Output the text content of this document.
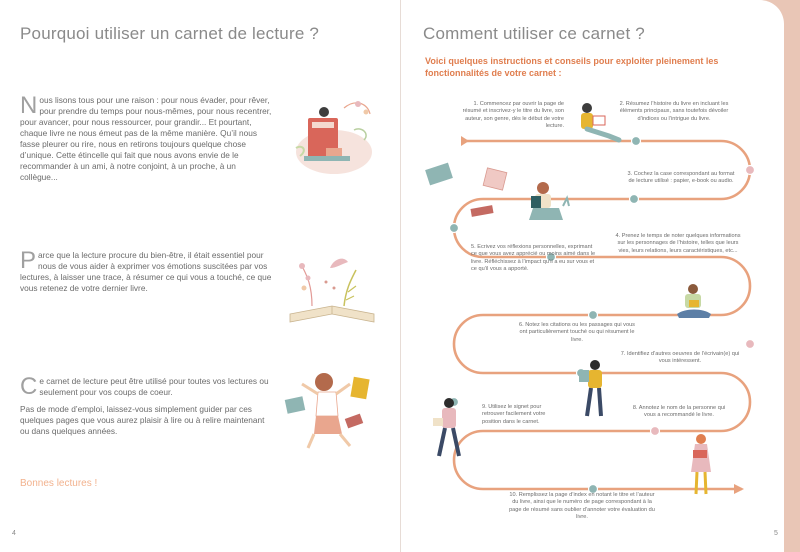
Pourquoi utiliser un carnet de lecture ?

Nous lisons tous pour une raison : pour nous évader, pour rêver, pour prendre du temps pour nous-mêmes, pour nous recentrer, pour avancer, pour nous ressourcer, pour grandir... Et pourtant, chaque livre ne nous émeut pas de la même manière. Qu’il nous fasse pleurer ou rire, nous en retirons toujours quelque chose d’unique. Cette étincelle qui fait que nous avons envie de le recommander à un ami, à notre conjoint, à un proche, à un collègue...

Parce que la lecture procure du bien-être, il était essentiel pour nous de vous aider à exprimer vos émotions suscitées par vos lectures, à laisser une trace, à résumer ce qui vous a touché, ce que vous retenez de votre dernier livre.

Ce carnet de lecture peut être utilisé pour toutes vos lectures ou seulement pour vos coups de coeur.

Pas de mode d’emploi, laissez-vous simplement guider par ces quelques pages que vous aurez plaisir à lire ou à relire maintenant ou dans quelques années.

Bonnes lectures !

4
Comment utiliser ce carnet ?

Voici quelques instructions et conseils pour exploiter pleinement les fonctionnalités de votre carnet :

1. Commencez par ouvrir la page de résumé et inscrivez-y le titre du livre, son auteur, son genre, dès le début de votre lecture.

2. Résumez l’histoire du livre en incluant les éléments principaux, sans toutefois dévoiler d’indices ou l’intrigue du livre.

3. Cochez la case correspondant au format de lecture utilisé : papier, e-book ou audio.

4. Prenez le temps de noter quelques informations sur les personnages de l’histoire, telles que leurs vies, leurs relations, leurs caractéristiques, etc...

5. Ecrivez vos réflexions personnelles, exprimant ce que vous avez apprécié ou moins aimé dans le livre. Réfléchissez à l’impact qu’il a eu sur vous et ce qu’il vous a apporté.

6. Notez les citations ou les passages qui vous ont particulièrement touché ou qui résument le livre.

7. Identifiez d’autres oeuvres de l’écrivain(e) qui vous intéressent.

9. Utilisez le signet pour retrouver facilement votre position dans le carnet.

8. Annotez le nom de la personne qui vous a recommandé le livre.

10. Remplissez la page d’index en notant le titre et l’auteur du livre, ainsi que le numéro de page correspondant à la page de résumé sans oublier d’annoter votre évaluation du livre.

5
